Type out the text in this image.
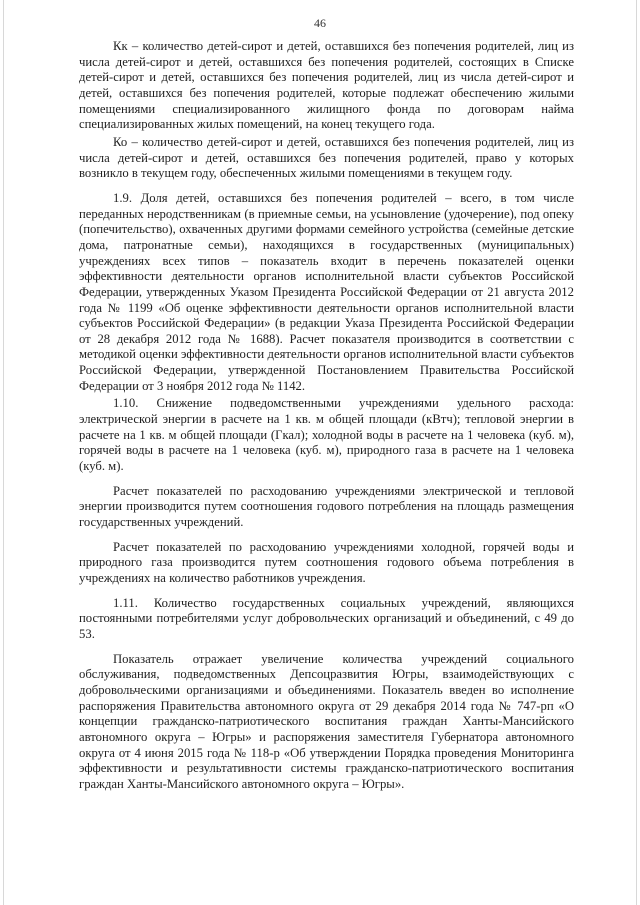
46

Кк – количество детей-сирот и детей, оставшихся без попечения родителей, лиц из числа детей-сирот и детей, оставшихся без попечения родителей, состоящих в Списке детей-сирот и детей, оставшихся без попечения родителей, лиц из числа детей-сирот и детей, оставшихся без попечения родителей, которые подлежат обеспечению жилыми помещениями специализированного жилищного фонда по договорам найма специализированных жилых помещений, на конец текущего года.

Ко – количество детей-сирот и детей, оставшихся без попечения родителей, лиц из числа детей-сирот и детей, оставшихся без попечения родителей, право у которых возникло в текущем году, обеспеченных жилыми помещениями в текущем году.

1.9. Доля детей, оставшихся без попечения родителей – всего, в том числе переданных неродственникам (в приемные семьи, на усыновление (удочерение), под опеку (попечительство), охваченных другими формами семейного устройства (семейные детские дома, патронатные семьи), находящихся в государственных (муниципальных) учреждениях всех типов – показатель входит в перечень показателей оценки эффективности деятельности органов исполнительной власти субъектов Российской Федерации, утвержденных Указом Президента Российской Федерации от 21 августа 2012 года № 1199 «Об оценке эффективности деятельности органов исполнительной власти субъектов Российской Федерации» (в редакции Указа Президента Российской Федерации от 28 декабря 2012 года № 1688). Расчет показателя производится в соответствии с методикой оценки эффективности деятельности органов исполнительной власти субъектов Российской Федерации, утвержденной Постановлением Правительства Российской Федерации от 3 ноября 2012 года № 1142.

1.10. Снижение подведомственными учреждениями удельного расхода: электрической энергии в расчете на 1 кв. м общей площади (кВтч); тепловой энергии в расчете на 1 кв. м общей площади (Гкал); холодной воды в расчете на 1 человека (куб. м), горячей воды в расчете на 1 человека (куб. м), природного газа в расчете на 1 человека (куб. м).

Расчет показателей по расходованию учреждениями электрической и тепловой энергии производится путем соотношения годового потребления на площадь размещения государственных учреждений.

Расчет показателей по расходованию учреждениями холодной, горячей воды и природного газа производится путем соотношения годового объема потребления в учреждениях на количество работников учреждения.

1.11. Количество государственных социальных учреждений, являющихся постоянными потребителями услуг добровольческих организаций и объединений, с 49 до 53.

Показатель отражает увеличение количества учреждений социального обслуживания, подведомственных Депсоцразвития Югры, взаимодействующих с добровольческими организациями и объединениями. Показатель введен во исполнение распоряжения Правительства автономного округа от 29 декабря 2014 года № 747-рп «О концепции гражданско-патриотического воспитания граждан Ханты-Мансийского автономного округа – Югры» и распоряжения заместителя Губернатора автономного округа от 4 июня 2015 года № 118-р «Об утверждении Порядка проведения Мониторинга эффективности и результативности системы гражданско-патриотического воспитания граждан Ханты-Мансийского автономного округа – Югры».
